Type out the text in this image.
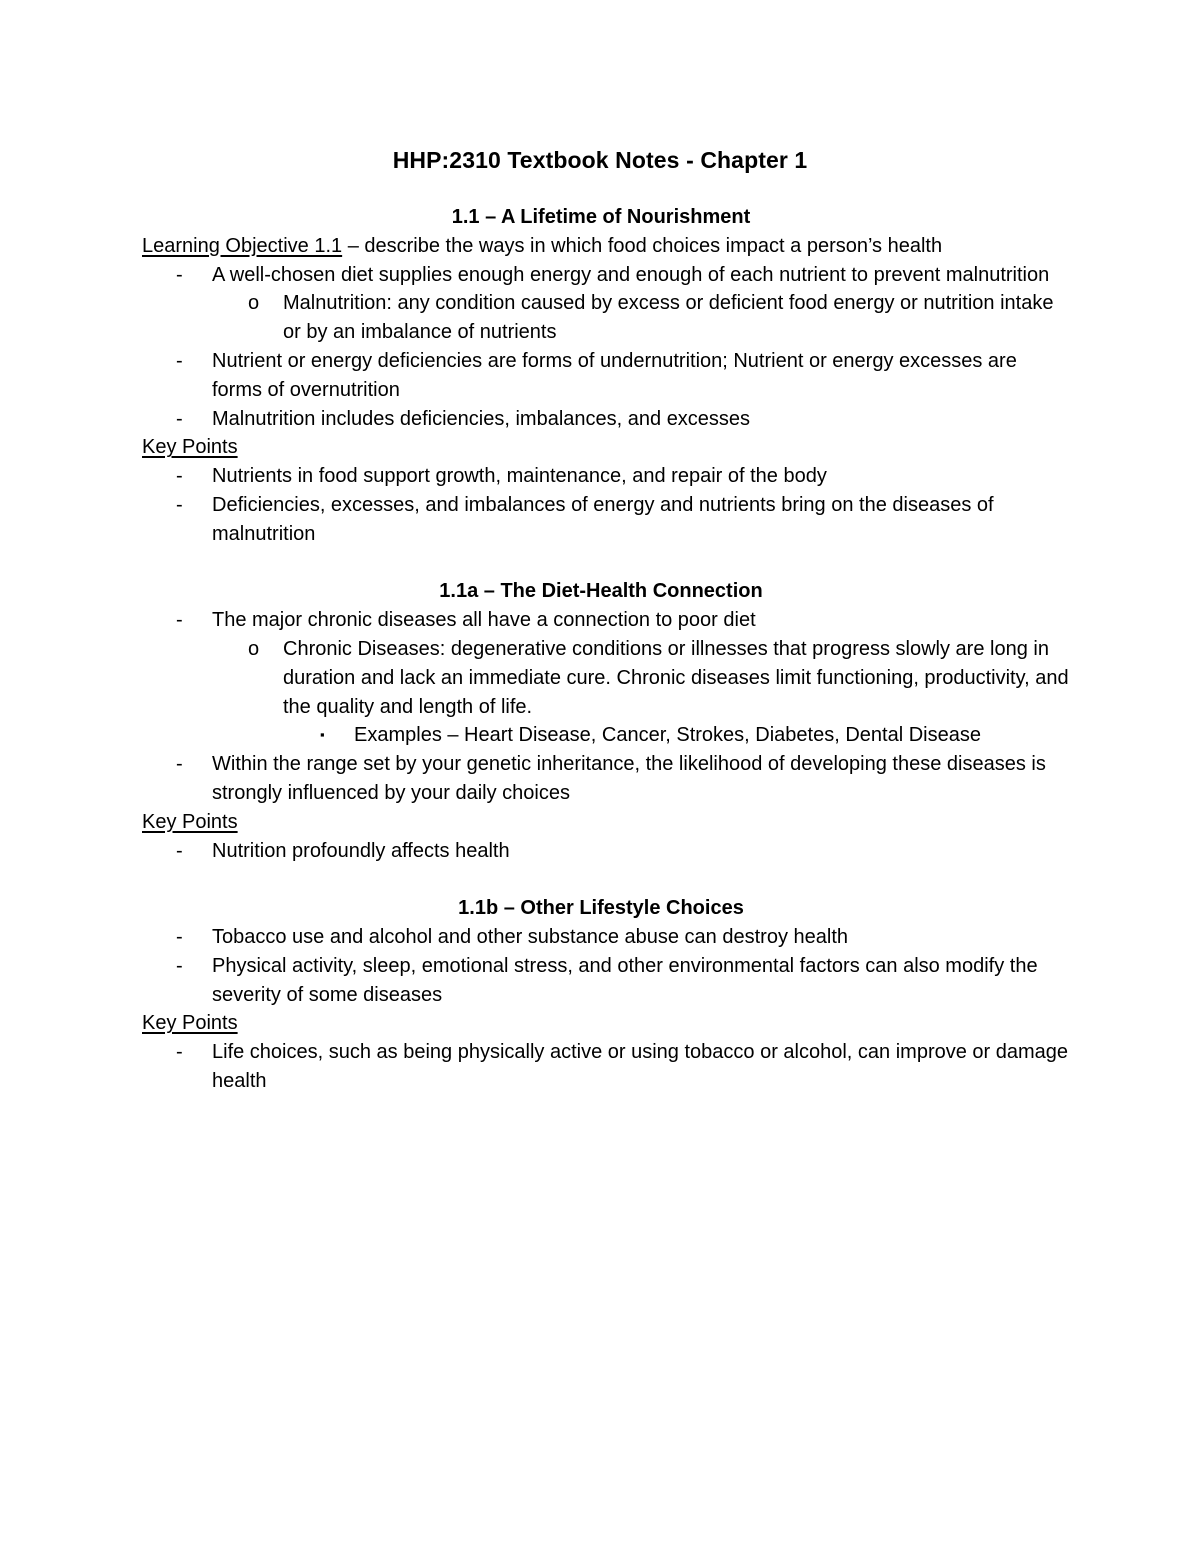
HHP:2310 Textbook Notes - Chapter 1
1.1 – A Lifetime of Nourishment
Learning Objective 1.1 – describe the ways in which food choices impact a person’s health
- A well-chosen diet supplies enough energy and enough of each nutrient to prevent malnutrition
o Malnutrition: any condition caused by excess or deficient food energy or nutrition intake or by an imbalance of nutrients
- Nutrient or energy deficiencies are forms of undernutrition; Nutrient or energy excesses are forms of overnutrition
- Malnutrition includes deficiencies, imbalances, and excesses
Key Points
- Nutrients in food support growth, maintenance, and repair of the body
- Deficiencies, excesses, and imbalances of energy and nutrients bring on the diseases of malnutrition
1.1a – The Diet-Health Connection
- The major chronic diseases all have a connection to poor diet
o Chronic Diseases: degenerative conditions or illnesses that progress slowly are long in duration and lack an immediate cure. Chronic diseases limit functioning, productivity, and the quality and length of life.
▪ Examples – Heart Disease, Cancer, Strokes, Diabetes, Dental Disease
- Within the range set by your genetic inheritance, the likelihood of developing these diseases is strongly influenced by your daily choices
Key Points
- Nutrition profoundly affects health
1.1b – Other Lifestyle Choices
- Tobacco use and alcohol and other substance abuse can destroy health
- Physical activity, sleep, emotional stress, and other environmental factors can also modify the severity of some diseases
Key Points
- Life choices, such as being physically active or using tobacco or alcohol, can improve or damage health
